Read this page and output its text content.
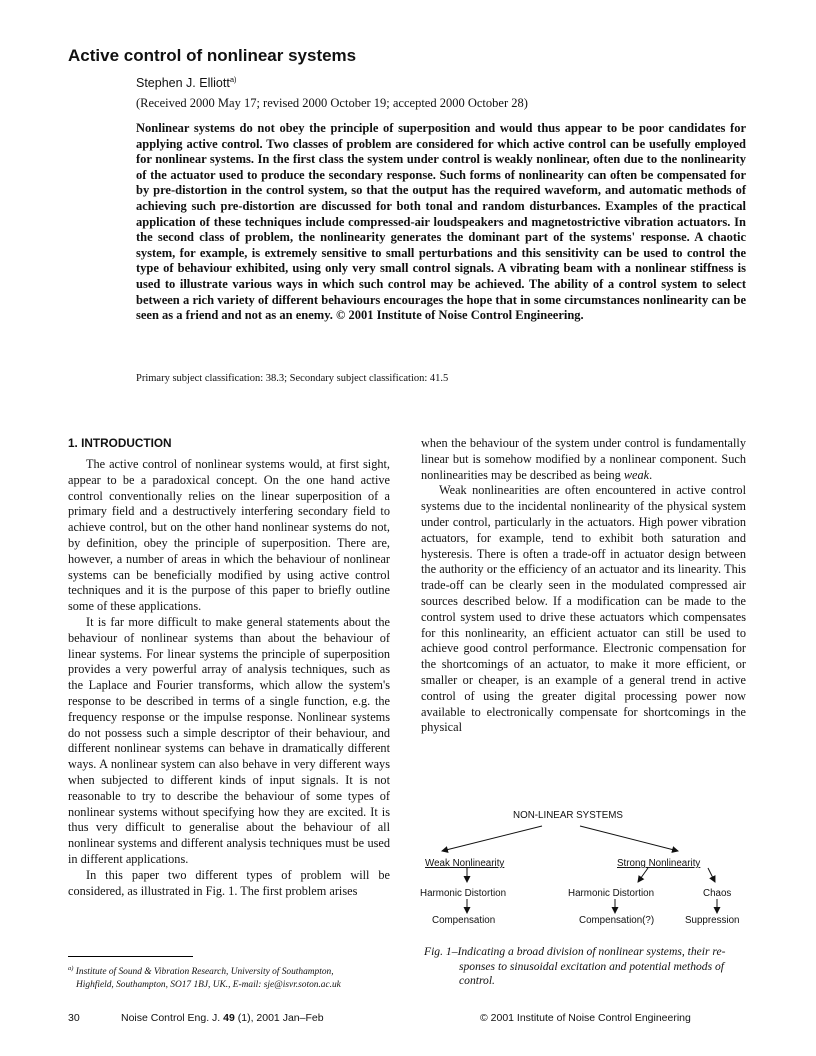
Active control of nonlinear systems
Stephen J. Elliott$^{a)}$
(Received 2000 May 17; revised 2000 October 19; accepted 2000 October 28)

Nonlinear systems do not obey the principle of superposition and would thus appear to be poor candidates for applying active control. Two classes of problem are considered for which active control can be usefully employed for nonlinear systems. In the first class the system under control is weakly nonlinear, often due to the nonlinearity of the actuator used to produce the secondary response. Such forms of nonlinearity can often be compensated for by pre-distortion in the control system, so that the output has the required waveform, and automatic methods of achieving such pre-distortion are discussed for both tonal and random disturbances. Examples of the practical application of these techniques include compressed-air loudspeakers and magnetostrictive vibration actuators. In the second class of problem, the nonlinearity generates the dominant part of the systems' response. A chaotic system, for example, is extremely sensitive to small perturbations and this sensitivity can be used to control the type of behaviour exhibited, using only very small control signals. A vibrating beam with a nonlinear stiffness is used to illustrate various ways in which such control may be achieved. The ability of a control system to select between a rich variety of different behaviours encourages the hope that in some circumstances nonlinearity can be seen as a friend and not as an enemy. © 2001 Institute of Noise Control Engineering.

Primary subject classification: 38.3; Secondary subject classification: 41.5
1. INTRODUCTION

The active control of nonlinear systems would, at first sight, appear to be a paradoxical concept. On the one hand active control conventionally relies on the linear superposition of a primary field and a destructively interfering secondary field to achieve control, but on the other hand nonlinear systems do not, by definition, obey the principle of superposition. There are, however, a number of areas in which the behaviour of nonlinear systems can be beneficially modified by using active control techniques and it is the purpose of this paper to briefly outline some of these applications.

It is far more difficult to make general statements about the behaviour of nonlinear systems than about the behaviour of linear systems. For linear systems the principle of superposition provides a very powerful array of analysis techniques, such as the Laplace and Fourier transforms, which allow the system's response to be described in terms of a single function, e.g. the frequency response or the impulse response. Nonlinear systems do not possess such a simple descriptor of their behaviour, and different nonlinear systems can behave in dramatically different ways. A nonlinear system can also behave in very different ways when subjected to different kinds of input signals. It is not reasonable to try to describe the behaviour of some types of nonlinear systems without specifying how they are excited. It is thus very difficult to generalise about the behaviour of all nonlinear systems and different analysis techniques must be used in different applications.

In this paper two different types of problem will be considered, as illustrated in Fig. 1. The first problem arises

when the behaviour of the system under control is fundamentally linear but is somehow modified by a nonlinear component. Such nonlinearities may be described as being weak.

Weak nonlinearities are often encountered in active control systems due to the incidental nonlinearity of the physical system under control, particularly in the actuators. High power vibration actuators, for example, tend to exhibit both saturation and hysteresis. There is often a trade-off in actuator design between the authority or the efficiency of an actuator and its linearity. This trade-off can be clearly seen in the modulated compressed air sources described below. If a modification can be made to the control system used to drive these actuators which compensates for this nonlinearity, an efficient actuator can still be used to achieve good control performance. Electronic compensation for the shortcomings of an actuator, to make it more efficient, or smaller or cheaper, is an example of a general trend in active control of using the greater digital processing power now available to electronically compensate for shortcomings in the physical

NON-LINEAR SYSTEMS
Weak Nonlinearity	Strong Nonlinearity
Harmonic Distortion
Compensation
Harmonic Distortion
Compensation(?)
Chaos
Suppression
Fig. 1–Indicating a broad division of nonlinear systems, their re-
sponses to sinusoidal excitation and potential methods of control.
$^{a)}$ Institute of Sound & Vibration Research, University of Southampton,
Highfield, Southampton, SO17 1BJ, UK., E-mail: sje@isvr.soton.ac.uk
30	Noise Control Eng. J. 49 (1), 2001 Jan–Feb	© 2001 Institute of Noise Control Engineering
